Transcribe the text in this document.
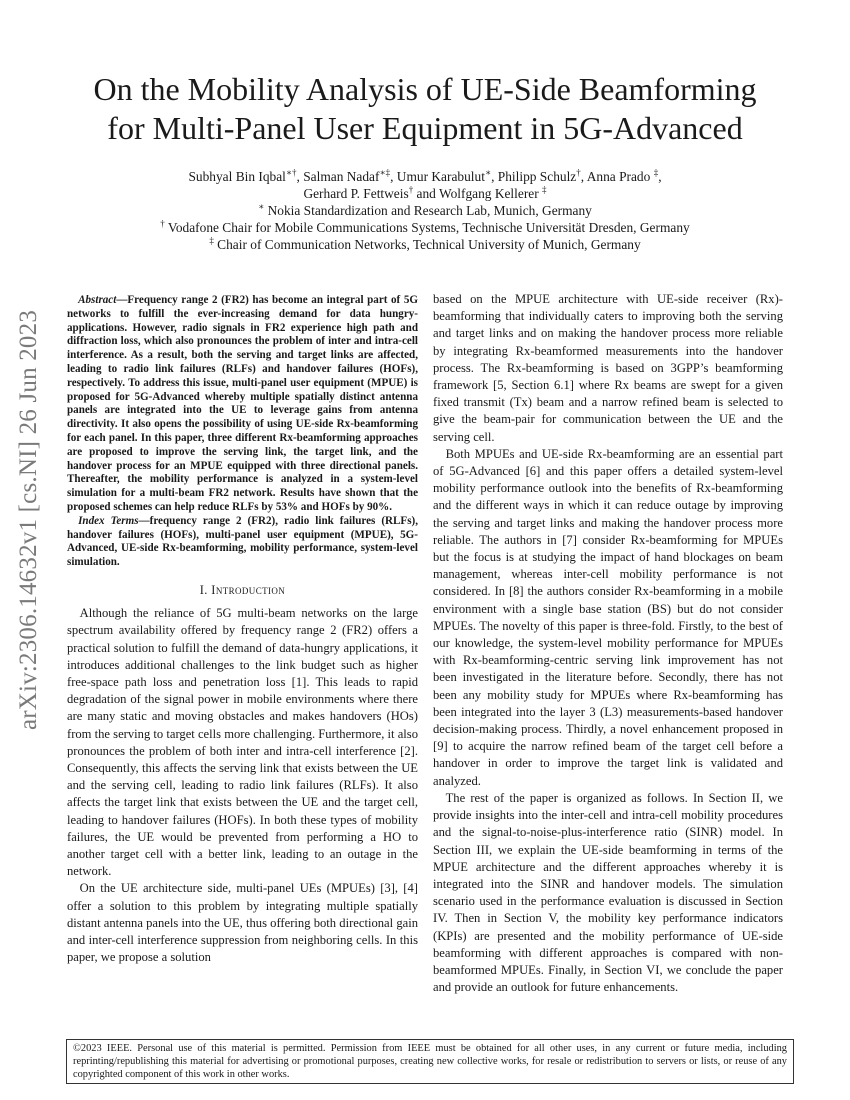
arXiv:2306.14632v1 [cs.NI] 26 Jun 2023
On the Mobility Analysis of UE-Side Beamforming
for Multi-Panel User Equipment in 5G-Advanced
Subhyal Bin Iqbal∗†, Salman Nadaf∗‡, Umur Karabulut∗, Philipp Schulz†, Anna Prado ‡,
Gerhard P. Fettweis† and Wolfgang Kellerer ‡
∗ Nokia Standardization and Research Lab, Munich, Germany
† Vodafone Chair for Mobile Communications Systems, Technische Universität Dresden, Germany
‡ Chair of Communication Networks, Technical University of Munich, Germany

Abstract—Frequency range 2 (FR2) has become an integral part of 5G networks to fulfill the ever-increasing demand for data hungry-applications. However, radio signals in FR2 experience high path and diffraction loss, which also pronounces the problem of inter and intra-cell interference. As a result, both the serving and target links are affected, leading to radio link failures (RLFs) and handover failures (HOFs), respectively. To address this issue, multi-panel user equipment (MPUE) is proposed for 5G-Advanced whereby multiple spatially distinct antenna panels are integrated into the UE to leverage gains from antenna directivity. It also opens the possibility of using UE-side Rx-beamforming for each panel. In this paper, three different Rx-beamforming approaches are proposed to improve the serving link, the target link, and the handover process for an MPUE equipped with three directional panels. Thereafter, the mobility performance is analyzed in a system-level simulation for a multi-beam FR2 network. Results have shown that the proposed schemes can help reduce RLFs by 53% and HOFs by 90%.

Index Terms—frequency range 2 (FR2), radio link failures (RLFs), handover failures (HOFs), multi-panel user equipment (MPUE), 5G-Advanced, UE-side Rx-beamforming, mobility performance, system-level simulation.

I. Introduction

Although the reliance of 5G multi-beam networks on the large spectrum availability offered by frequency range 2 (FR2) offers a practical solution to fulfill the demand of data-hungry applications, it introduces additional challenges to the link budget such as higher free-space path loss and penetration loss [1]. This leads to rapid degradation of the signal power in mobile environments where there are many static and moving obstacles and makes handovers (HOs) from the serving to target cells more challenging. Furthermore, it also pronounces the problem of both inter and intra-cell interference [2]. Consequently, this affects the serving link that exists between the UE and the serving cell, leading to radio link failures (RLFs). It also affects the target link that exists between the UE and the target cell, leading to handover failures (HOFs). In both these types of mobility failures, the UE would be prevented from performing a HO to another target cell with a better link, leading to an outage in the network.

On the UE architecture side, multi-panel UEs (MPUEs) [3], [4] offer a solution to this problem by integrating multiple spatially distant antenna panels into the UE, thus offering both directional gain and inter-cell interference suppression from neighboring cells. In this paper, we propose a solution

based on the MPUE architecture with UE-side receiver (Rx)-beamforming that individually caters to improving both the serving and target links and on making the handover process more reliable by integrating Rx-beamformed measurements into the handover process. The Rx-beamforming is based on 3GPP’s beamforming framework [5, Section 6.1] where Rx beams are swept for a given fixed transmit (Tx) beam and a narrow refined beam is selected to give the beam-pair for communication between the UE and the serving cell.

Both MPUEs and UE-side Rx-beamforming are an essential part of 5G-Advanced [6] and this paper offers a detailed system-level mobility performance outlook into the benefits of Rx-beamforming and the different ways in which it can reduce outage by improving the serving and target links and making the handover process more reliable. The authors in [7] consider Rx-beamforming for MPUEs but the focus is at studying the impact of hand blockages on beam management, whereas inter-cell mobility performance is not considered. In [8] the authors consider Rx-beamforming in a mobile environment with a single base station (BS) but do not consider MPUEs. The novelty of this paper is three-fold. Firstly, to the best of our knowledge, the system-level mobility performance for MPUEs with Rx-beamforming-centric serving link improvement has not been investigated in the literature before. Secondly, there has not been any mobility study for MPUEs where Rx-beamforming has been integrated into the layer 3 (L3) measurements-based handover decision-making process. Thirdly, a novel enhancement proposed in [9] to acquire the narrow refined beam of the target cell before a handover in order to improve the target link is validated and analyzed.

The rest of the paper is organized as follows. In Section II, we provide insights into the inter-cell and intra-cell mobility procedures and the signal-to-noise-plus-interference ratio (SINR) model. In Section III, we explain the UE-side beamforming in terms of the MPUE architecture and the different approaches whereby it is integrated into the SINR and handover models. The simulation scenario used in the performance evaluation is discussed in Section IV. Then in Section V, the mobility key performance indicators (KPIs) are presented and the mobility performance of UE-side beamforming with different approaches is compared with non-beamformed MPUEs. Finally, in Section VI, we conclude the paper and provide an outlook for future enhancements.

©2023 IEEE. Personal use of this material is permitted. Permission from IEEE must be obtained for all other uses, in any current or future media, including reprinting/republishing this material for advertising or promotional purposes, creating new collective works, for resale or redistribution to servers or lists, or reuse of any copyrighted component of this work in other works.
